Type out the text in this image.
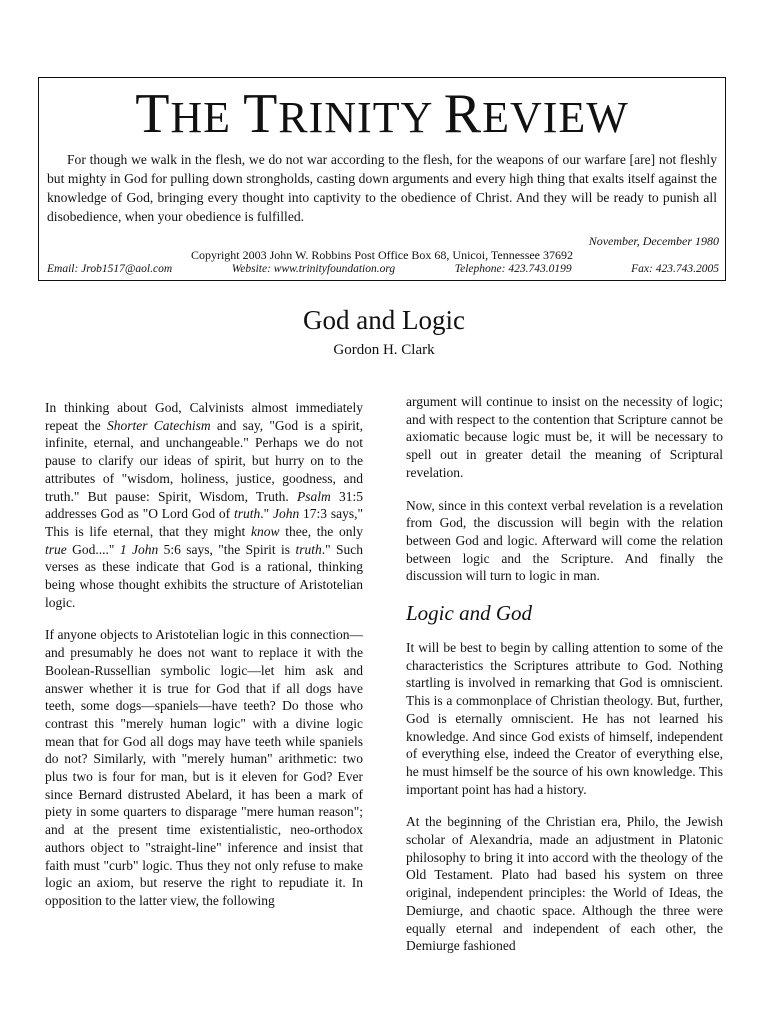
THE TRINITY REVIEW
For though we walk in the flesh, we do not war according to the flesh, for the weapons of our warfare [are] not fleshly but mighty in God for pulling down strongholds, casting down arguments and every high thing that exalts itself against the knowledge of God, bringing every thought into captivity to the obedience of Christ. And they will be ready to punish all disobedience, when your obedience is fulfilled.
November, December 1980
Copyright 2003 John W. Robbins Post Office Box 68, Unicoi, Tennessee 37692
Email: Jrob1517@aol.com	Website: www.trinityfoundation.org	Telephone: 423.743.0199	Fax: 423.743.2005
God and Logic
Gordon H. Clark

In thinking about God, Calvinists almost immediately repeat the Shorter Catechism and say, "God is a spirit, infinite, eternal, and unchangeable." Perhaps we do not pause to clarify our ideas of spirit, but hurry on to the attributes of "wisdom, holiness, justice, goodness, and truth." But pause: Spirit, Wisdom, Truth. Psalm 31:5 addresses God as "O Lord God of truth." John 17:3 says," This is life eternal, that they might know thee, the only true God...." 1 John 5:6 says, "the Spirit is truth." Such verses as these indicate that God is a rational, thinking being whose thought exhibits the structure of Aristotelian logic.

If anyone objects to Aristotelian logic in this connection—and presumably he does not want to replace it with the Boolean-Russellian symbolic logic—let him ask and answer whether it is true for God that if all dogs have teeth, some dogs—spaniels—have teeth? Do those who contrast this "merely human logic" with a divine logic mean that for God all dogs may have teeth while spaniels do not? Similarly, with "merely human" arithmetic: two plus two is four for man, but is it eleven for God? Ever since Bernard distrusted Abelard, it has been a mark of piety in some quarters to disparage "mere human reason"; and at the present time existentialistic, neo-orthodox authors object to "straight-line" inference and insist that faith must "curb" logic. Thus they not only refuse to make logic an axiom, but reserve the right to repudiate it. In opposition to the latter view, the following

argument will continue to insist on the necessity of logic; and with respect to the contention that Scripture cannot be axiomatic because logic must be, it will be necessary to spell out in greater detail the meaning of Scriptural revelation.

Now, since in this context verbal revelation is a revelation from God, the discussion will begin with the relation between God and logic. Afterward will come the relation between logic and the Scripture. And finally the discussion will turn to logic in man.

Logic and God

It will be best to begin by calling attention to some of the characteristics the Scriptures attribute to God. Nothing startling is involved in remarking that God is omniscient. This is a commonplace of Christian theology. But, further, God is eternally omniscient. He has not learned his knowledge. And since God exists of himself, independent of everything else, indeed the Creator of everything else, he must himself be the source of his own knowledge. This important point has had a history.

At the beginning of the Christian era, Philo, the Jewish scholar of Alexandria, made an adjustment in Platonic philosophy to bring it into accord with the theology of the Old Testament. Plato had based his system on three original, independent principles: the World of Ideas, the Demiurge, and chaotic space. Although the three were equally eternal and independent of each other, the Demiurge fashioned
